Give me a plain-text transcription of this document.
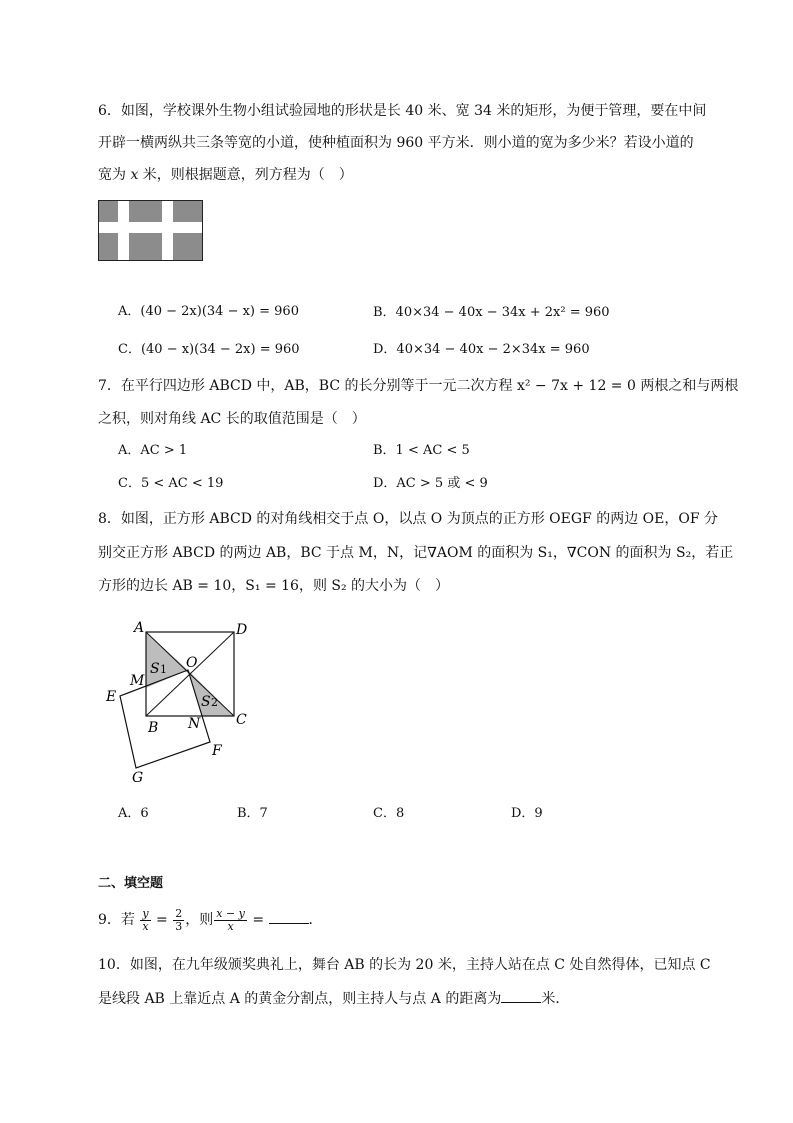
6．如图，学校课外生物小组试验园地的形状是长 40 米、宽 34 米的矩形，为便于管理，要在中间
开辟一横两纵共三条等宽的小道，使种植面积为 960 平方米．则小道的宽为多少米？若设小道的
宽为 x 米，则根据题意，列方程为（　）
A．(40 − 2x)(34 − x) = 960	B．40×34 − 40x − 34x + 2x² = 960
C．(40 − x)(34 − 2x) = 960	D．40×34 − 40x − 2×34x = 960
7．在平行四边形 ABCD 中，AB，BC 的长分别等于一元二次方程 x² − 7x + 12 = 0 两根之和与两根
之积，则对角线 AC 长的取值范围是（　）
A．AC > 1	B．1 < AC < 5
C．5 < AC < 19	D．AC > 5 或 < 9
8．如图，正方形 ABCD 的对角线相交于点 O，以点 O 为顶点的正方形 OEGF 的两边 OE，OF 分
别交正方形 ABCD 的两边 AB，BC 于点 M，N，记∇AOM 的面积为 S₁，∇CON 的面积为 S₂，若正
方形的边长 AB = 10，S₁ = 16，则 S₂ 的大小为（　）
A	D
O
M
E
B N	C
F
G
S 1
S 2
A．6	B．7	C．8	D．9
二、填空题
9．若 $\frac{y}{x} = \frac{2}{3}$ ，则 $\frac{x - y}{x}$ =	．
10．如图，在九年级颁奖典礼上，舞台 AB 的长为 20 米，主持人站在点 C 处自然得体，已知点 C
是线段 AB 上靠近点 A 的黄金分割点，则主持人与点 A 的距离为	米．
